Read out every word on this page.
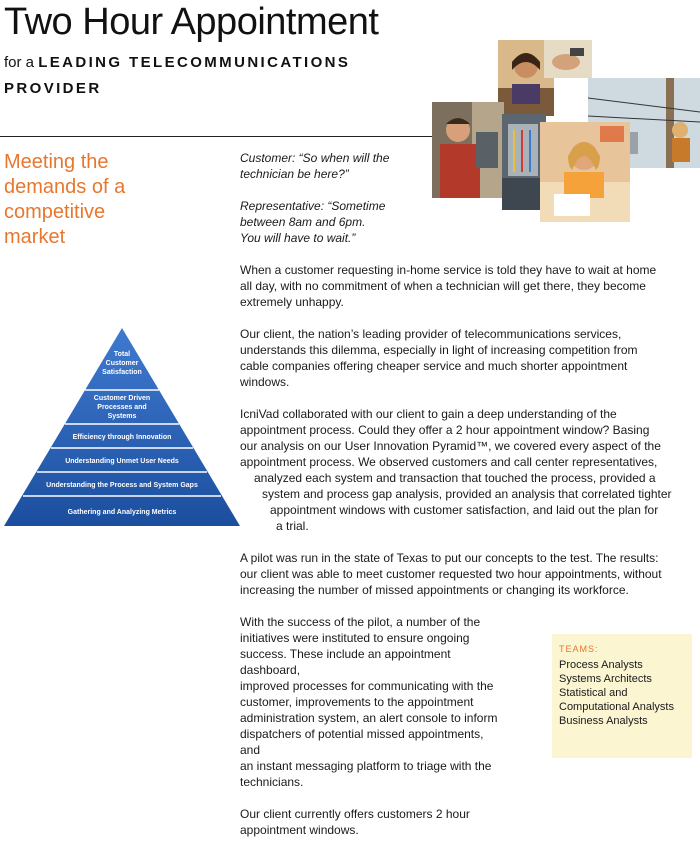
Two Hour Appointment
for a LEADING TELECOMMUNICATIONS
PROVIDER
Meeting the
demands of a
competitive
market

Customer: “So when will the
technician be here?”

Representative: “Sometime
between 8am and 6pm.
You will have to wait.”

When a customer requesting in-home service is told they have to wait at home
all day, with no commitment of when a technician will get there, they become
extremely unhappy.

Our client, the nation’s leading provider of telecommunications services,
understands this dilemma, especially in light of increasing competition from
cable companies offering cheaper service and much shorter appointment
windows.

IcniVad collaborated with our client to gain a deep understanding of the
appointment process. Could they offer a 2 hour appointment window? Basing
our analysis on our User Innovation Pyramid™, we covered every aspect of the
appointment process. We observed customers and call center representatives,
analyzed each system and transaction that touched the process, provided a
system and process gap analysis, provided an analysis that correlated tighter
appointment windows with customer satisfaction, and laid out the plan for
a trial.

A pilot was run in the state of Texas to put our concepts to the test. The results:
our client was able to meet customer requested two hour appointments, without
increasing the number of missed appointments or changing its workforce.

With the success of the pilot, a number of the
initiatives were instituted to ensure ongoing
success. These include an appointment dashboard,
improved processes for communicating with the
customer, improvements to the appointment
administration system, an alert console to inform
dispatchers of potential missed appointments, and
an instant messaging platform to triage with the
technicians.

Our client currently offers customers 2 hour
appointment windows.

Total Customer Satisfaction
Customer Driven Processes and Systems
Efficiency through Innovation
Understanding Unmet User Needs
Understanding the Process and System Gaps
Gathering and Analyzing Metrics
TEAMS:
Process Analysts
Systems Architects
Statistical and
Computational Analysts
Business Analysts
